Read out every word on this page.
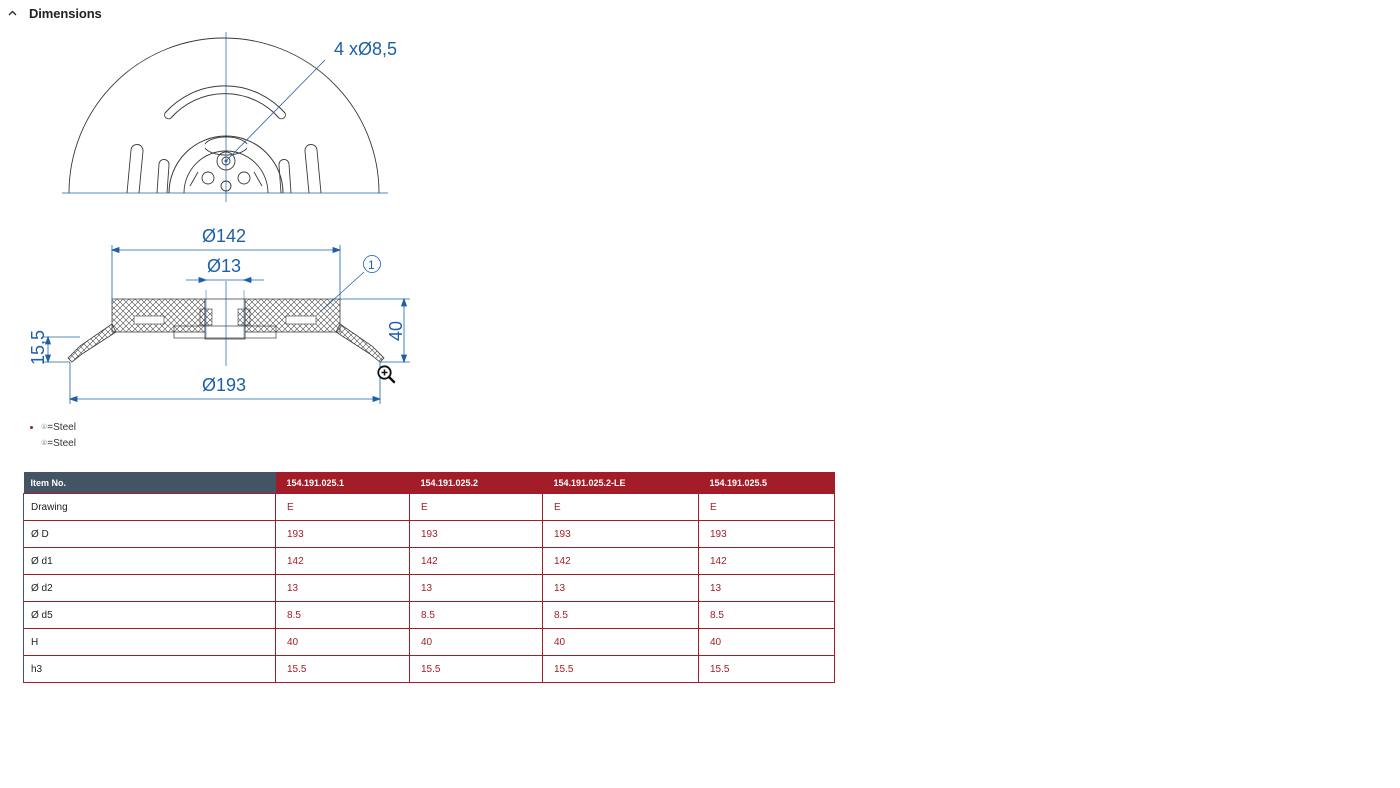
Dimensions
4 xØ8,5
Ø142
Ø13
Ø193
40
15,5
1
① =Steel
② =Steel
Item No.	154.191.025.1	154.191.025.2	154.191.025.2-LE	154.191.025.5
Drawing	E	E	E	E
Ø D	193	193	193	193
Ø d1	142	142	142	142
Ø d2	13	13	13	13
Ø d5	8.5	8.5	8.5	8.5
H	40	40	40	40
h3	15.5	15.5	15.5	15.5
